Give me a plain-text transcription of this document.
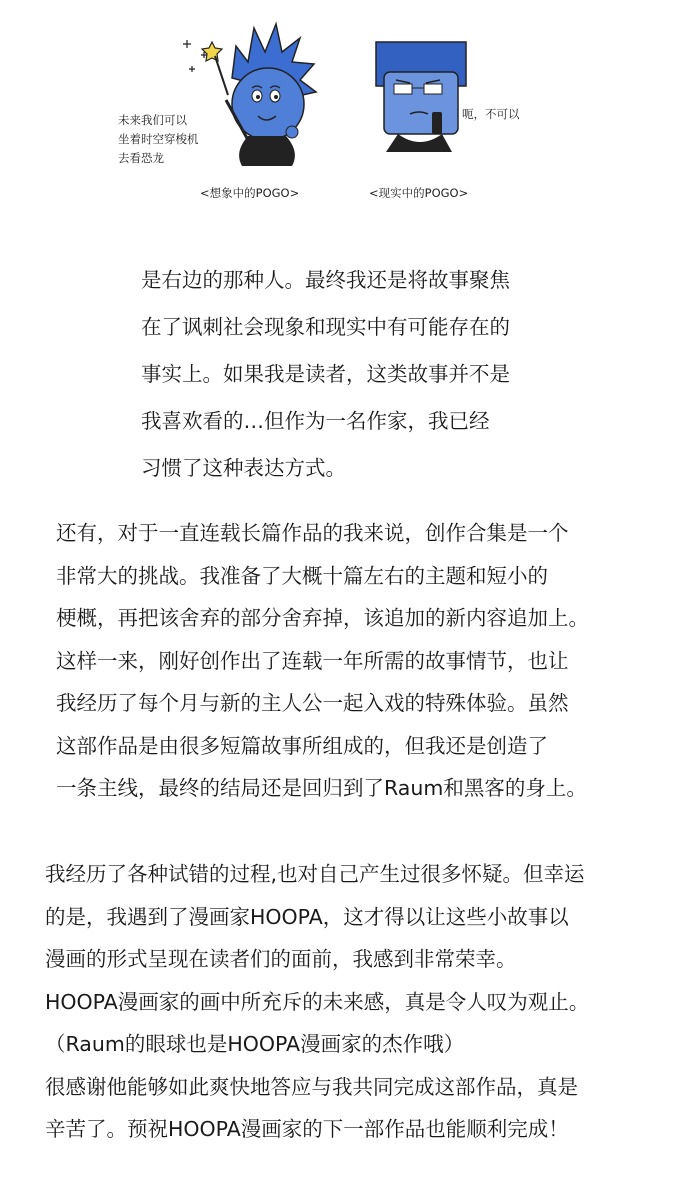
未来我们可以
坐着时空穿梭机
去看恐龙
<想象中的POGO>
呃，不可以
<现实中的POGO>
是右边的那种人。最终我还是将故事聚焦
在了讽刺社会现象和现实中有可能存在的
事实上。如果我是读者，这类故事并不是
我喜欢看的…但作为一名作家，我已经
习惯了这种表达方式。
还有，对于一直连载长篇作品的我来说，创作合集是一个
非常大的挑战。我准备了大概十篇左右的主题和短小的
梗概，再把该舍弃的部分舍弃掉，该追加的新内容追加上。
这样一来，刚好创作出了连载一年所需的故事情节，也让
我经历了每个月与新的主人公一起入戏的特殊体验。虽然
这部作品是由很多短篇故事所组成的，但我还是创造了
一条主线，最终的结局还是回归到了Raum和黑客的身上。
我经历了各种试错的过程,也对自己产生过很多怀疑。但幸运
的是，我遇到了漫画家HOOPA，这才得以让这些小故事以
漫画的形式呈现在读者们的面前，我感到非常荣幸。
HOOPA漫画家的画中所充斥的未来感，真是令人叹为观止。
（Raum的眼球也是HOOPA漫画家的杰作哦）
很感谢他能够如此爽快地答应与我共同完成这部作品，真是
辛苦了。预祝HOOPA漫画家的下一部作品也能顺利完成！
